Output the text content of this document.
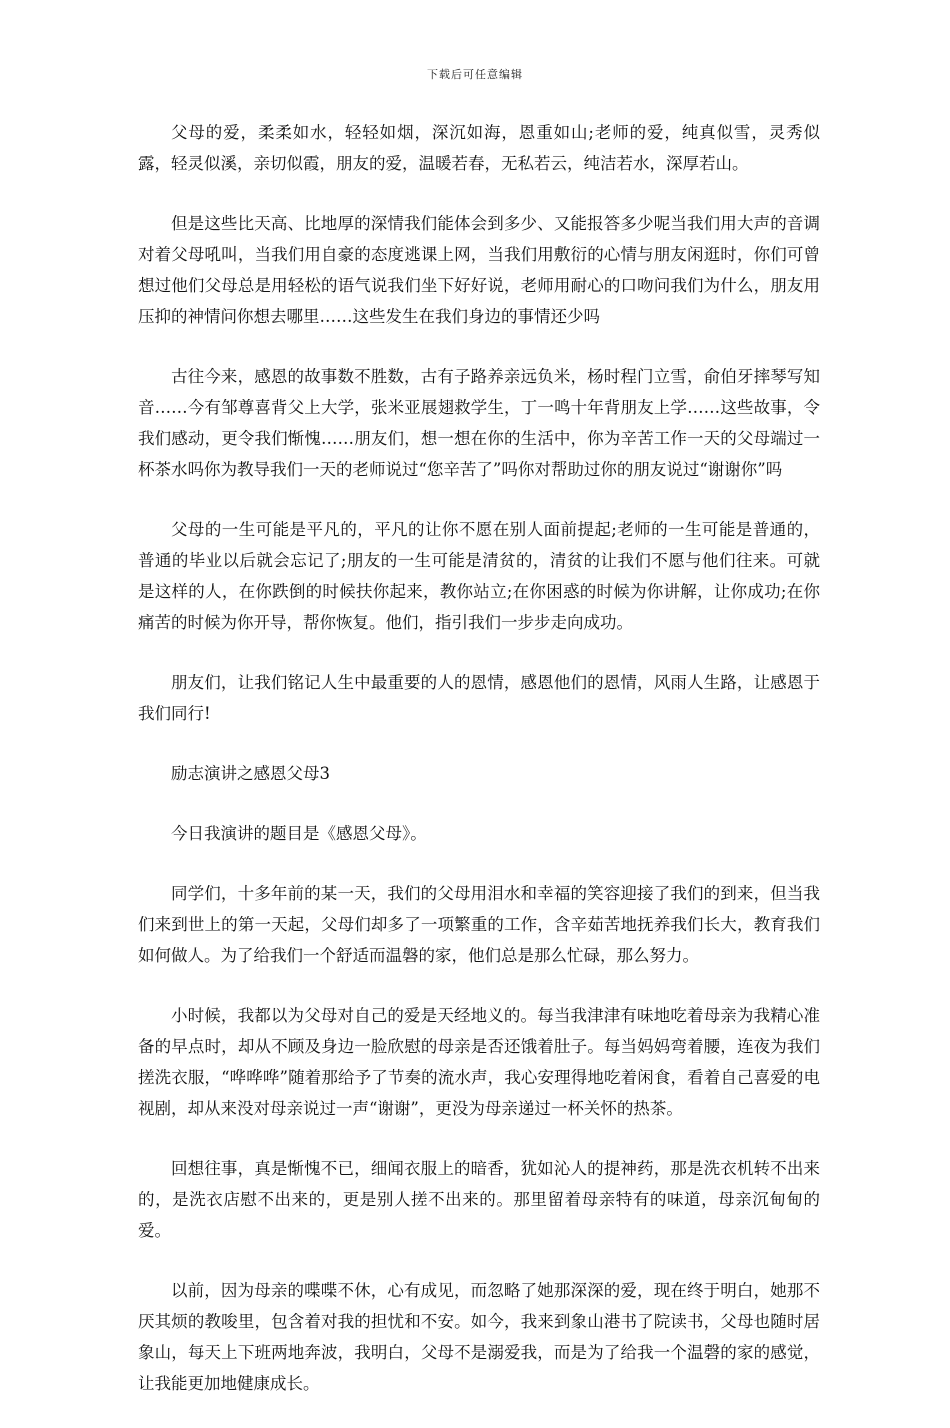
下载后可任意编辑

父母的爱，柔柔如水，轻轻如烟，深沉如海，恩重如山;老师的爱，纯真似雪，灵秀似露，轻灵似溪，亲切似霞，朋友的爱，温暖若春，无私若云，纯洁若水，深厚若山。

但是这些比天高、比地厚的深情我们能体会到多少、又能报答多少呢当我们用大声的音调对着父母吼叫，当我们用自豪的态度逃课上网，当我们用敷衍的心情与朋友闲逛时，你们可曾想过他们父母总是用轻松的语气说我们坐下好好说，老师用耐心的口吻问我们为什么，朋友用压抑的神情问你想去哪里……这些发生在我们身边的事情还少吗

古往今来，感恩的故事数不胜数，古有子路养亲远负米，杨时程门立雪，俞伯牙摔琴写知音……今有邹尊喜背父上大学，张米亚展翅救学生，丁一鸣十年背朋友上学……这些故事，令我们感动，更令我们惭愧……朋友们，想一想在你的生活中，你为辛苦工作一天的父母端过一杯茶水吗你为教导我们一天的老师说过“您辛苦了”吗你对帮助过你的朋友说过“谢谢你”吗

父母的一生可能是平凡的，平凡的让你不愿在别人面前提起;老师的一生可能是普通的，普通的毕业以后就会忘记了;朋友的一生可能是清贫的，清贫的让我们不愿与他们往来。可就是这样的人，在你跌倒的时候扶你起来，教你站立;在你困惑的时候为你讲解，让你成功;在你痛苦的时候为你开导，帮你恢复。他们，指引我们一步步走向成功。

朋友们，让我们铭记人生中最重要的人的恩情，感恩他们的恩情，风雨人生路，让感恩于我们同行!

励志演讲之感恩父母3

今日我演讲的题目是《感恩父母》。

同学们，十多年前的某一天，我们的父母用泪水和幸福的笑容迎接了我们的到来，但当我们来到世上的第一天起，父母们却多了一项繁重的工作，含辛茹苦地抚养我们长大，教育我们如何做人。为了给我们一个舒适而温磐的家，他们总是那么忙碌，那么努力。

小时候，我都以为父母对自己的爱是天经地义的。每当我津津有味地吃着母亲为我精心准备的早点时，却从不顾及身边一脸欣慰的母亲是否还饿着肚子。每当妈妈弯着腰，连夜为我们搓洗衣服，“哗哗哗”随着那给予了节奏的流水声，我心安理得地吃着闲食，看着自己喜爱的电视剧，却从来没对母亲说过一声“谢谢”，更没为母亲递过一杯关怀的热茶。

回想往事，真是惭愧不已，细闻衣服上的暗香，犹如沁人的提神药，那是洗衣机转不出来的，是洗衣店慰不出来的，更是别人搓不出来的。那里留着母亲特有的味道，母亲沉甸甸的爱。

以前，因为母亲的喋喋不休，心有成见，而忽略了她那深深的爱，现在终于明白，她那不厌其烦的教唆里，包含着对我的担忧和不安。如今，我来到象山港书了院读书，父母也随时居象山，每天上下班两地奔波，我明白，父母不是溺爱我，而是为了给我一个温磬的家的感觉，让我能更加地健康成长。
